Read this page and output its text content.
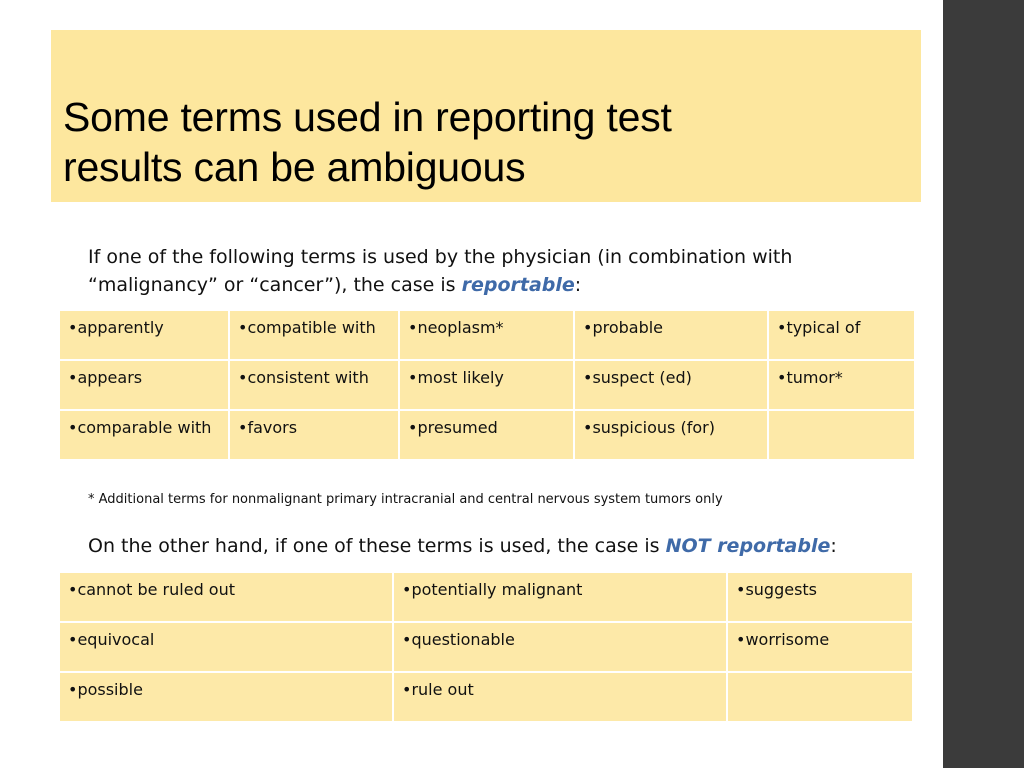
Some terms used in reporting test
results can be ambiguous

If one of the following terms is used by the physician (in combination with “malignancy” or “cancer”), the case is reportable:

•apparently	•compatible with	•neoplasm*	•probable	•typical of
•appears	•consistent with	•most likely	•suspect (ed)	•tumor*
•comparable with	•favors	•presumed	•suspicious (for)	
* Additional terms for nonmalignant primary intracranial and central nervous system tumors only

On the other hand, if one of these terms is used, the case is NOT reportable:

•cannot be ruled out	•potentially malignant	•suggests
•equivocal	•questionable	•worrisome
•possible	•rule out	
